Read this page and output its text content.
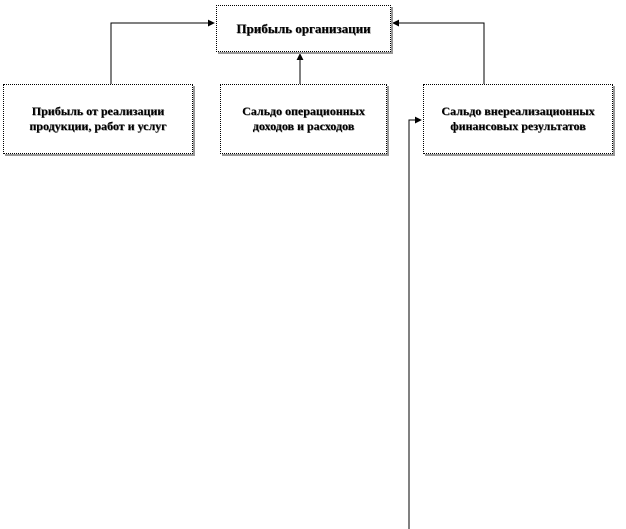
Прибыль организации
Прибыль от реализации продукции, работ и услуг
Сальдо операционных доходов и расходов
Сальдо внереализационных финансовых результатов
